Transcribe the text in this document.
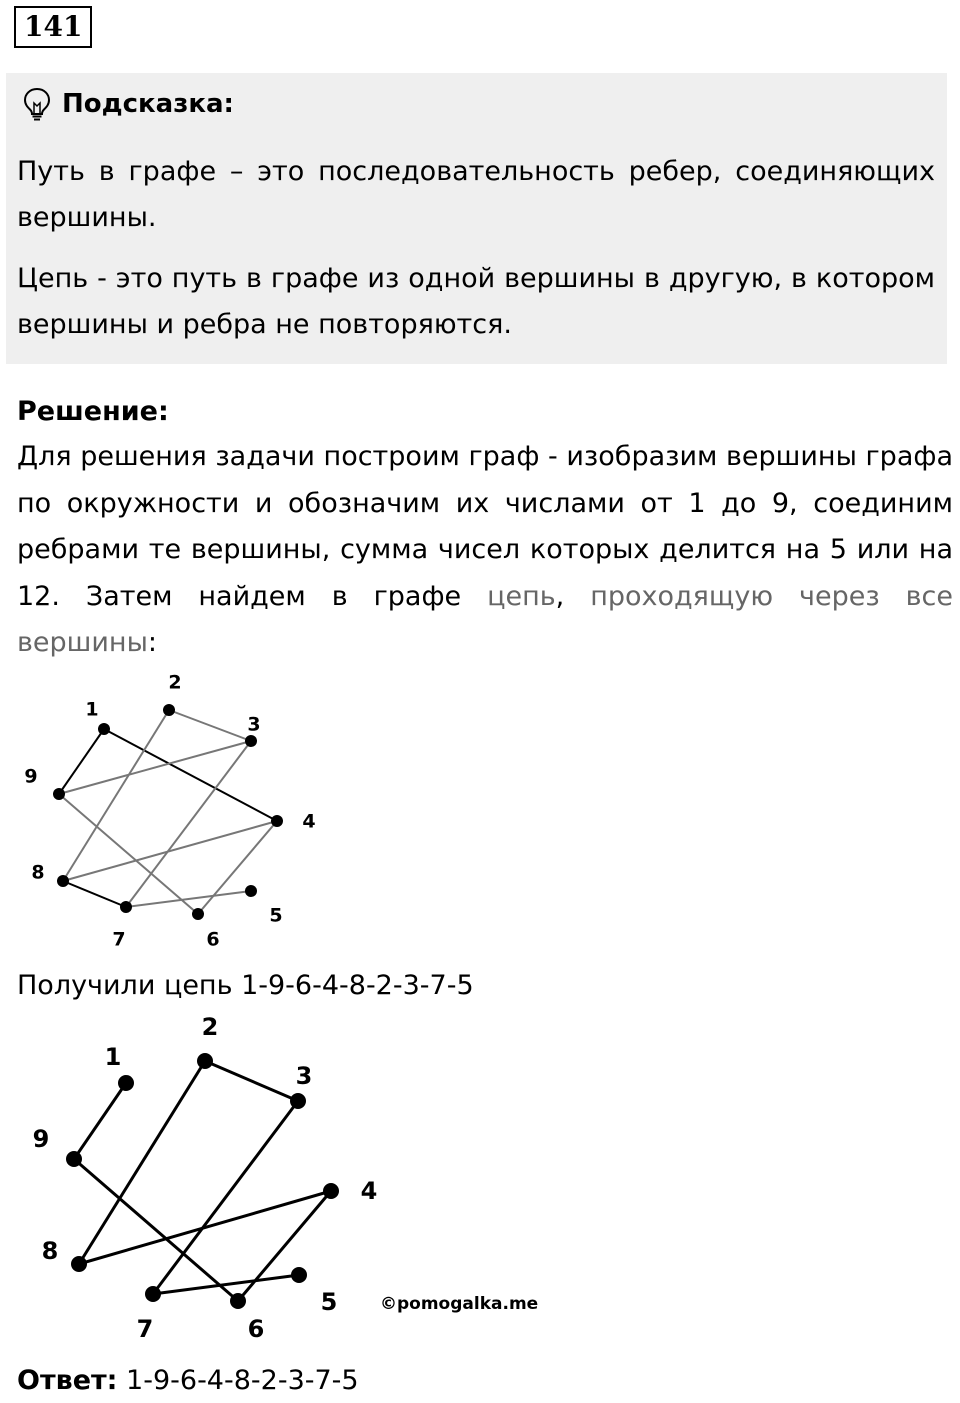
141
Подсказка:

Путь в графе – это последовательность ребер, соединяющих вершины.

Цепь - это путь в графе из одной вершины в другую, в котором вершины и ребра не повторяются.

Решение:

Для решения задачи построим граф - изобразим вершины графа по окружности и обозначим их числами от 1 до 9, соединим ребрами те вершины, сумма чисел которых делится на 5 или на 12. Затем найдем в графе цепь, проходящую через все вершины:

1
2
3
4
5
6
7
8
9
Получили цепь 1-9-6-4-8-2-3-7-5
1
2
3
4
5
6
7
8
9
©pomogalka.me
Ответ: 1-9-6-4-8-2-3-7-5
